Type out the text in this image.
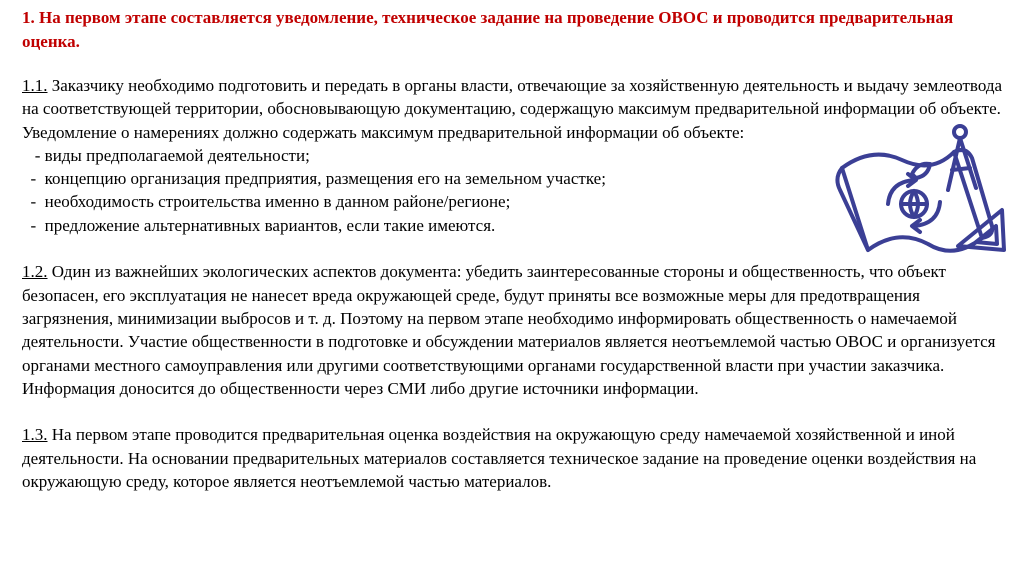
1. На первом этапе составляется уведомление, техническое задание на проведение ОВОС и проводится предварительная оценка.

1.1. Заказчику необходимо подготовить и передать в органы власти, отвечающие за хозяйственную деятельность и выдачу землеотвода на соответствующей территории, обосновывающую документацию, содержащую максимум предварительной информации об объекте.

Уведомление о намерениях должно содержать максимум предварительной информации об объекте:

- виды предполагаемой деятельности;

-  концепцию организация предприятия, размещения его на земельном участке;

-  необходимость строительства именно в данном районе/регионе;

-  предложение альтернативных вариантов, если такие имеются.

1.2. Один из важнейших экологических аспектов документа: убедить заинтересованные стороны и общественность, что объект безопасен, его эксплуатация не нанесет вреда окружающей среде, будут приняты все возможные меры для предотвращения загрязнения, минимизации выбросов и т. д. Поэтому на первом этапе необходимо информировать общественность о намечаемой деятельности. Участие общественности в подготовке и обсуждении материалов является неотъемлемой частью ОВОС и организуется органами местного самоуправления или другими соответствующими органами государственной власти при участии заказчика. Информация доносится до общественности через СМИ либо другие источники информации.

1.3. На первом этапе проводится предварительная оценка воздействия на окружающую среду намечаемой хозяйственной и иной деятельности. На основании предварительных материалов составляется техническое задание на проведение оценки воздействия на окружающую среду, которое является неотъемлемой частью материалов.
